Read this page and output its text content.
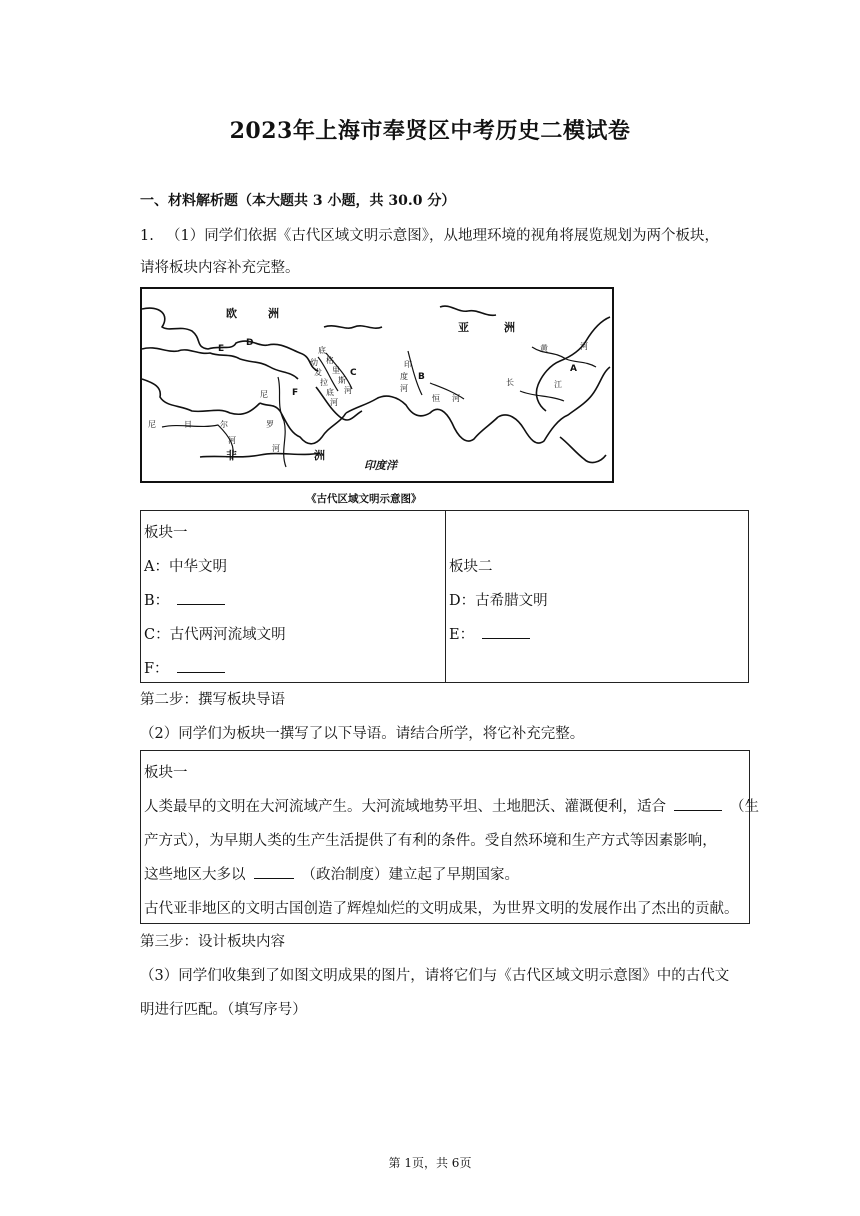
2023年上海市奉贤区中考历史二模试卷
一、材料解析题（本大题共 3 小题，共 30.0 分）
1. （1）同学们依据《古代区域文明示意图》，从地理环境的视角将展览规划为两个板块，
请将板块内容补充完整。
欧	洲
亚	洲
非	洲
印度洋
底
格
里
斯
河
幼
发
拉
底
河
尼
罗
河
尼	日	尔
河
印
度
河
恒 河
黄	河
长	江
A
B
C
D
E
F
《古代区域文明示意图》
板块一
A：中华文明
B：
C：古代两河流域文明
F：

板块二
D：古希腊文明
E：
第二步：撰写板块导语
（2）同学们为板块一撰写了以下导语。请结合所学，将它补充完整。
板块一
人类最早的文明在大河流域产生。大河流域地势平坦、土地肥沃、灌溉便利，适合	（生
产方式），为早期人类的生产生活提供了有利的条件。受自然环境和生产方式等因素影响，
这些地区大多以	（政治制度）建立起了早期国家。
古代亚非地区的文明古国创造了辉煌灿烂的文明成果，为世界文明的发展作出了杰出的贡献。
第三步：设计板块内容
（3）同学们收集到了如图文明成果的图片，请将它们与《古代区域文明示意图》中的古代文
明进行匹配。（填写序号）
第 1页，共 6页
